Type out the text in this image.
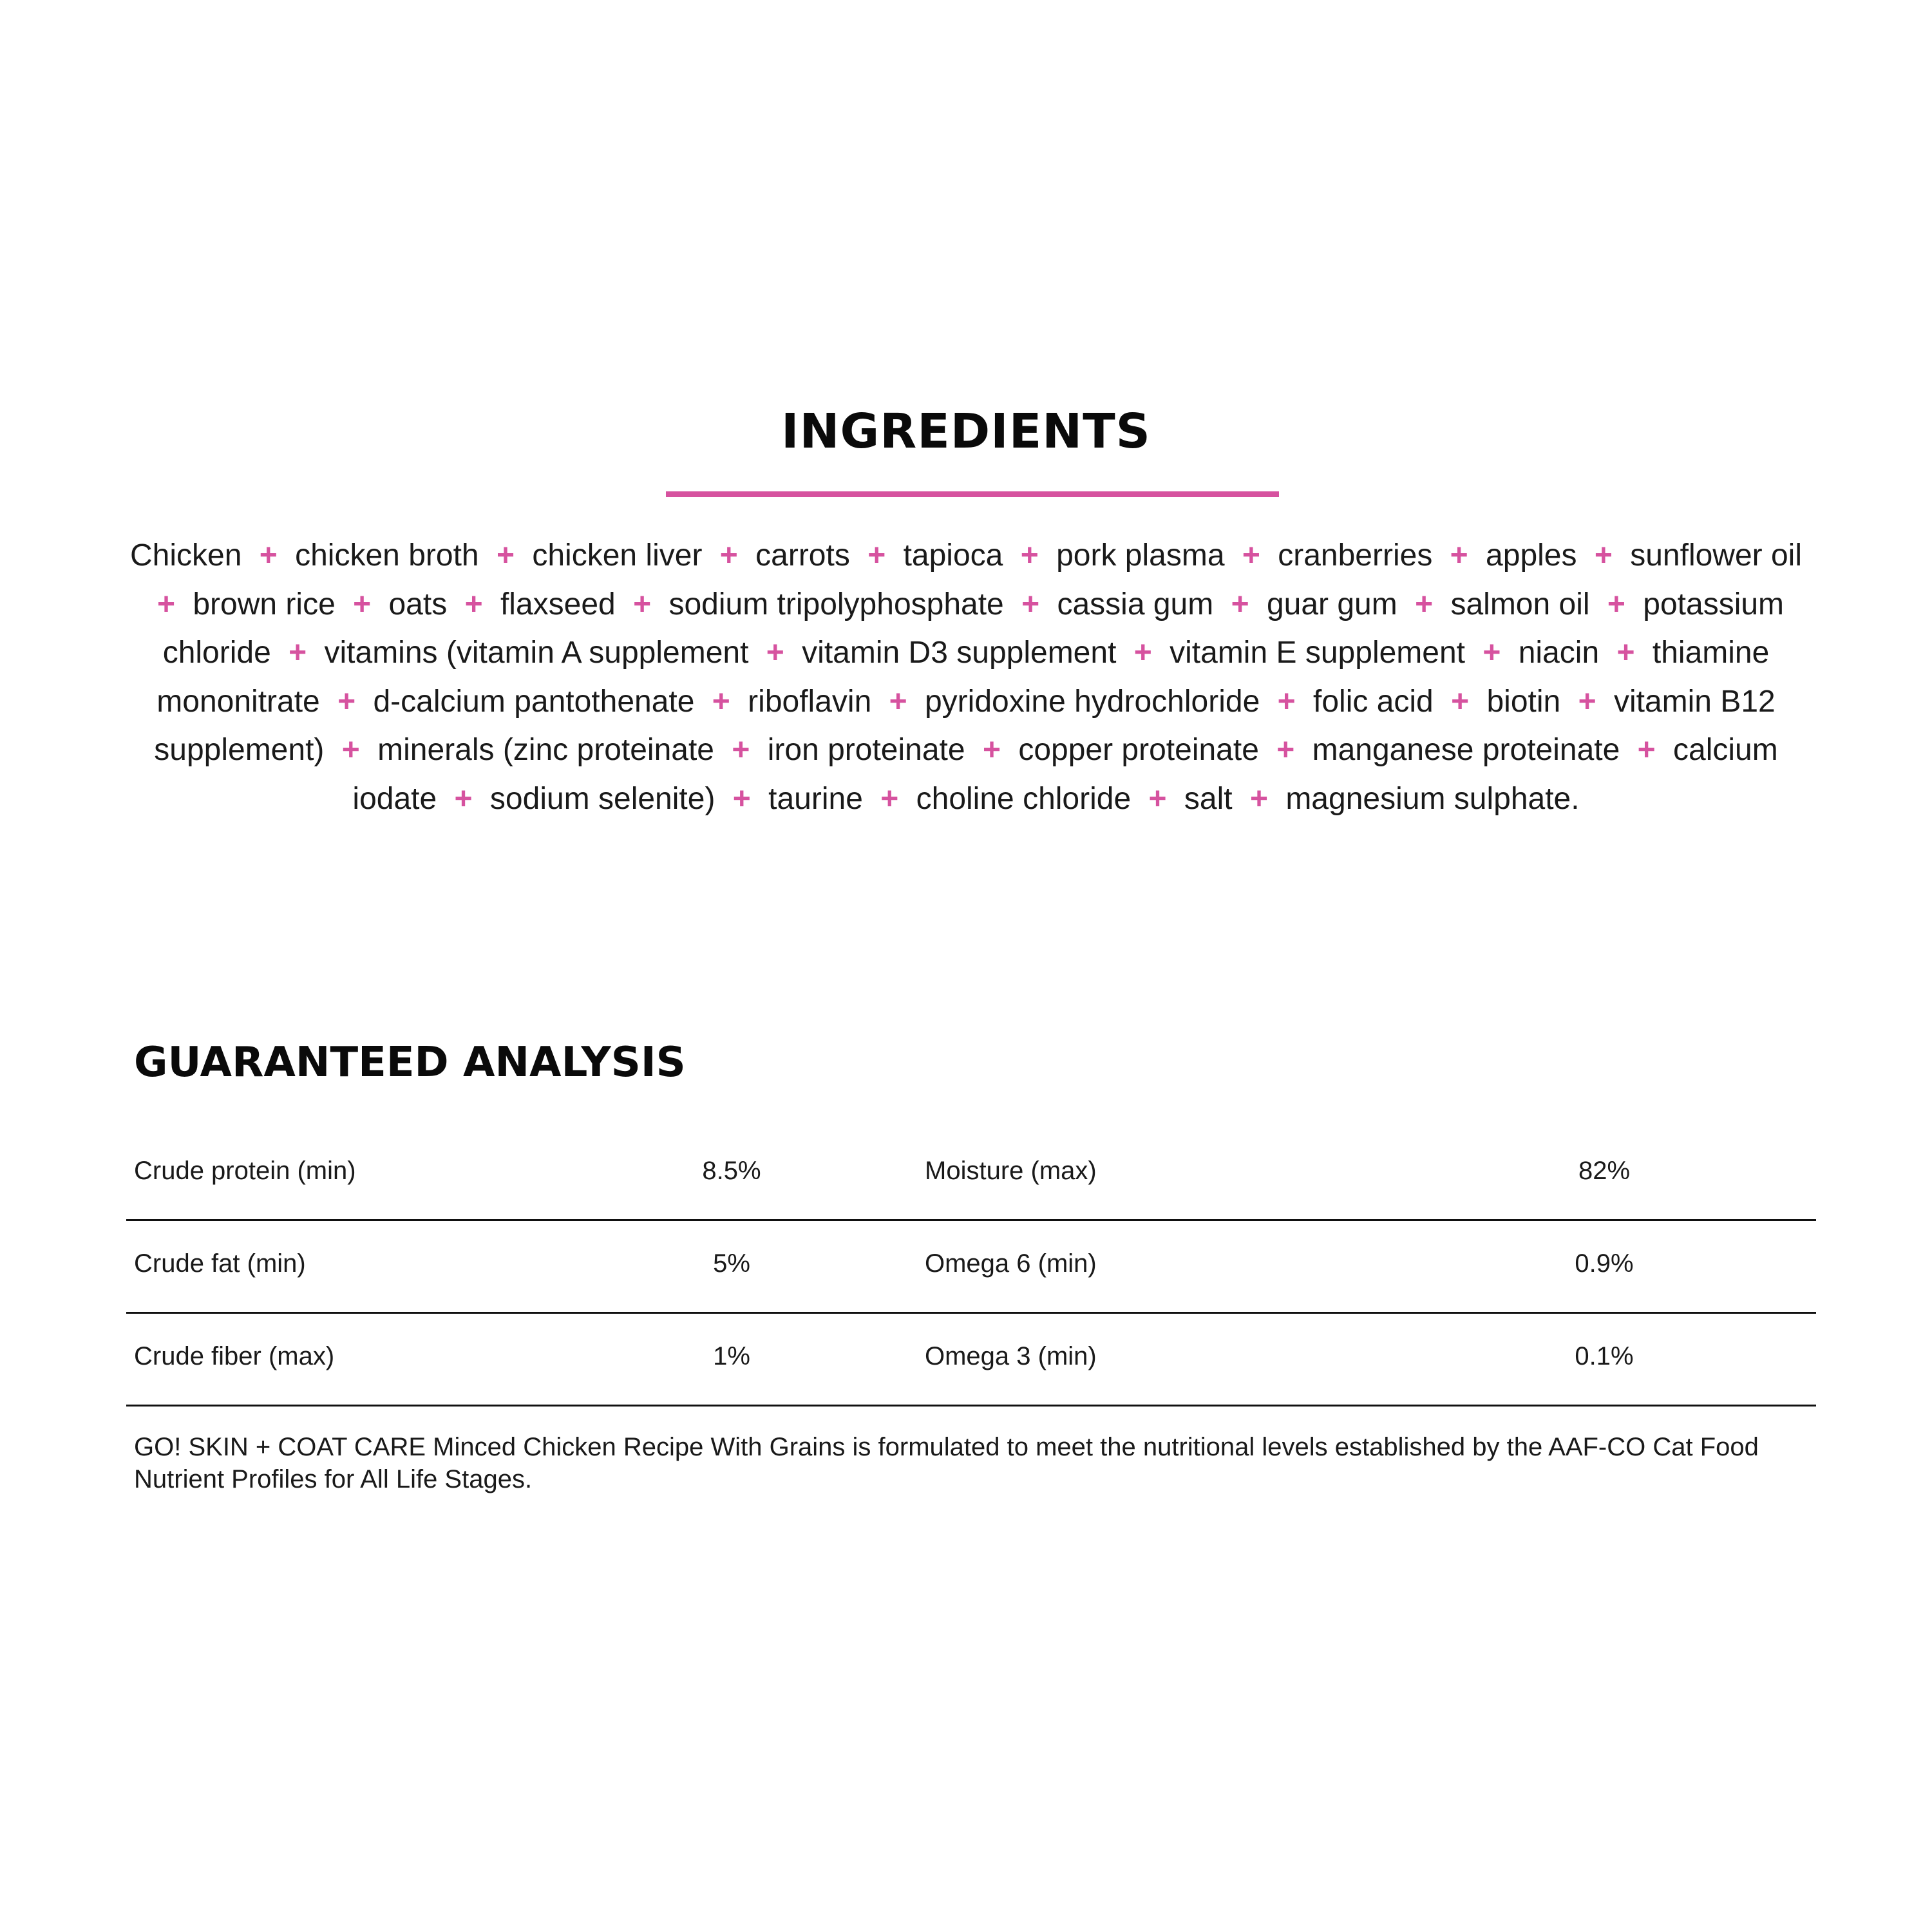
INGREDIENTS

Chicken + chicken broth + chicken liver + carrots + tapioca + pork plasma + cranberries + apples + sunflower oil + brown rice + oats + flaxseed + sodium tripolyphosphate + cassia gum + guar gum + salmon oil + potassium chloride + vitamins (vitamin A supplement + vitamin D3 supplement + vitamin E supplement + niacin + thiamine mononitrate + d-calcium pantothenate + riboflavin + pyridoxine hydrochloride + folic acid + biotin + vitamin B12 supplement) + minerals (zinc proteinate + iron proteinate + copper proteinate + manganese proteinate + calcium iodate + sodium selenite) + taurine + choline chloride + salt + magnesium sulphate.

GUARANTEED ANALYSIS
Crude protein (min)	8.5%	Moisture (max)	82%
Crude fat (min)	5%	Omega 6 (min)	0.9%
Crude fiber (max)	1%	Omega 3 (min)	0.1%

GO! SKIN + COAT CARE Minced Chicken Recipe With Grains is formulated to meet the nutritional levels established by the AAF-CO Cat Food Nutrient Profiles for All Life Stages.
